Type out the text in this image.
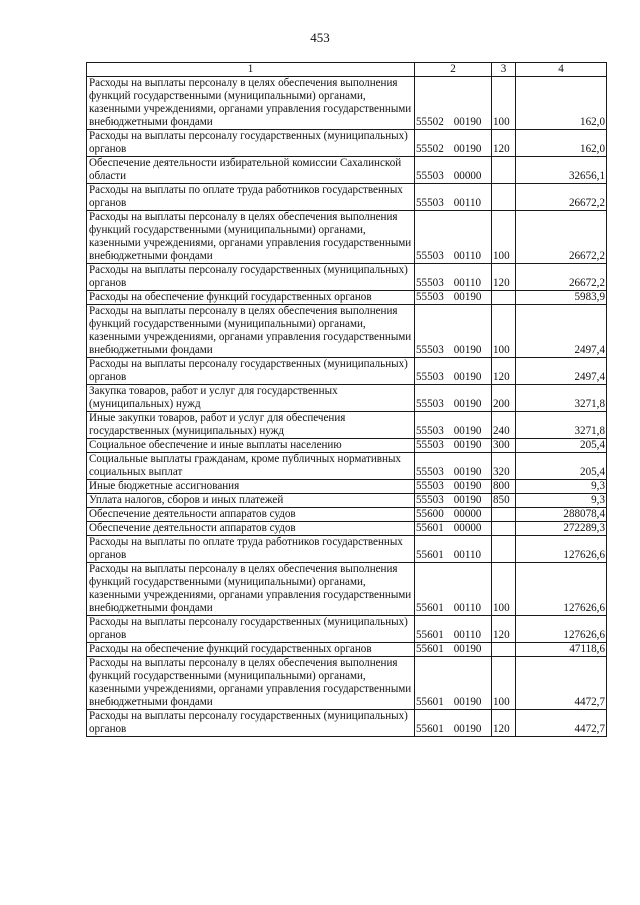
453
1	2	3	4
Расходы на выплаты персоналу в целях обеспечения выполнения функций государственными (муниципальными) органами, казенными учреждениями, органами управления государственными внебюджетными фондами	55502 00190	100	162,0
Расходы на выплаты персоналу государственных (муниципальных) органов	55502 00190	120	162,0
Обеспечение деятельности избирательной комиссии Сахалинской области	55503 00000		32656,1
Расходы на выплаты по оплате труда работников государственных органов	55503 00110		26672,2
Расходы на выплаты персоналу в целях обеспечения выполнения функций государственными (муниципальными) органами, казенными учреждениями, органами управления государственными внебюджетными фондами	55503 00110	100	26672,2
Расходы на выплаты персоналу государственных (муниципальных) органов	55503 00110	120	26672,2
Расходы на обеспечение функций государственных органов	55503 00190		5983,9
Расходы на выплаты персоналу в целях обеспечения выполнения функций государственными (муниципальными) органами, казенными учреждениями, органами управления государственными внебюджетными фондами	55503 00190	100	2497,4
Расходы на выплаты персоналу государственных (муниципальных) органов	55503 00190	120	2497,4
Закупка товаров, работ и услуг для государственных (муниципальных) нужд	55503 00190	200	3271,8
Иные закупки товаров, работ и услуг для обеспечения государственных (муниципальных) нужд	55503 00190	240	3271,8
Социальное обеспечение и иные выплаты населению	55503 00190	300	205,4
Социальные выплаты гражданам, кроме публичных нормативных социальных выплат	55503 00190	320	205,4
Иные бюджетные ассигнования	55503 00190	800	9,3
Уплата налогов, сборов и иных платежей	55503 00190	850	9,3
Обеспечение деятельности аппаратов судов	55600 00000		288078,4
Обеспечение деятельности аппаратов судов	55601 00000		272289,3
Расходы на выплаты по оплате труда работников государственных органов	55601 00110		127626,6
Расходы на выплаты персоналу в целях обеспечения выполнения функций государственными (муниципальными) органами, казенными учреждениями, органами управления государственными внебюджетными фондами	55601 00110	100	127626,6
Расходы на выплаты персоналу государственных (муниципальных) органов	55601 00110	120	127626,6
Расходы на обеспечение функций государственных органов	55601 00190		47118,6
Расходы на выплаты персоналу в целях обеспечения выполнения функций государственными (муниципальными) органами, казенными учреждениями, органами управления государственными внебюджетными фондами	55601 00190	100	4472,7
Расходы на выплаты персоналу государственных (муниципальных) органов	55601 00190	120	4472,7
